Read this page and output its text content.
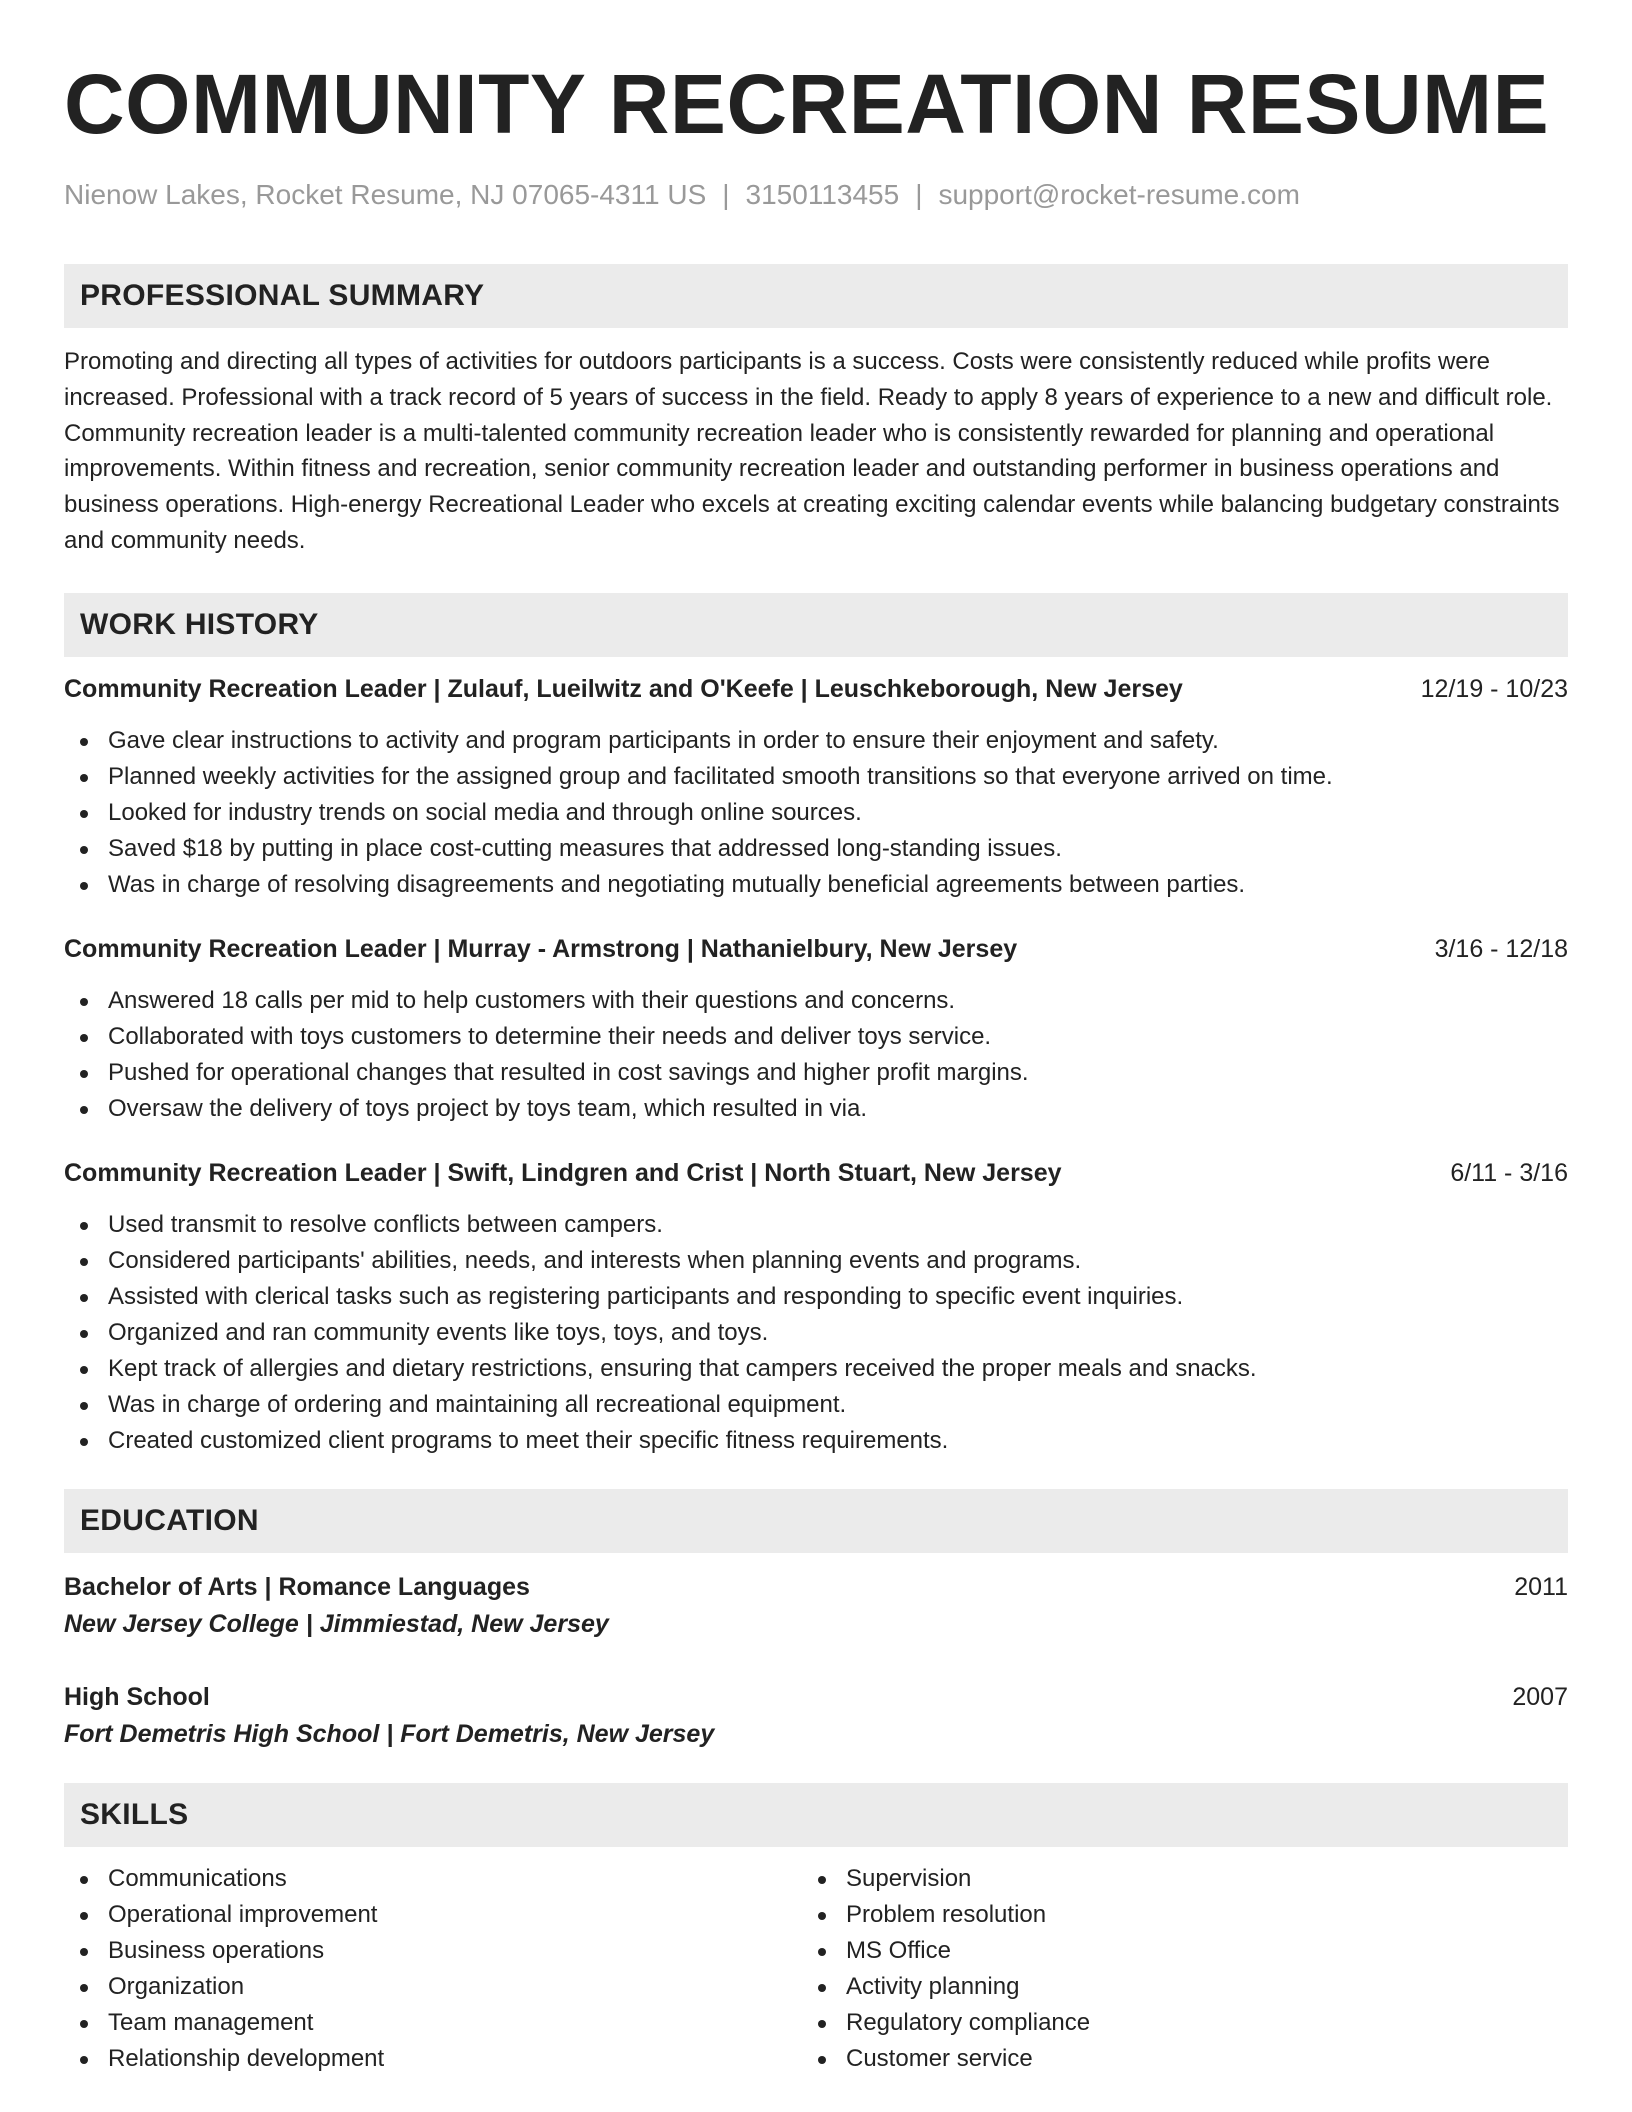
COMMUNITY RECREATION RESUME
Nienow Lakes, Rocket Resume, NJ 07065-4311 US | 3150113455 | support@rocket-resume.com
PROFESSIONAL SUMMARY

Promoting and directing all types of activities for outdoors participants is a success. Costs were consistently reduced while profits were increased. Professional with a track record of 5 years of success in the field. Ready to apply 8 years of experience to a new and difficult role. Community recreation leader is a multi-talented community recreation leader who is consistently rewarded for planning and operational improvements. Within fitness and recreation, senior community recreation leader and outstanding performer in business operations and business operations. High-energy Recreational Leader who excels at creating exciting calendar events while balancing budgetary constraints and community needs.

WORK HISTORY
Community Recreation Leader | Zulauf, Lueilwitz and O'Keefe | Leuschkeborough, New Jersey	12/19 - 10/23
Gave clear instructions to activity and program participants in order to ensure their enjoyment and safety.
Planned weekly activities for the assigned group and facilitated smooth transitions so that everyone arrived on time.
Looked for industry trends on social media and through online sources.
Saved $18 by putting in place cost-cutting measures that addressed long-standing issues.
Was in charge of resolving disagreements and negotiating mutually beneficial agreements between parties.
Community Recreation Leader | Murray - Armstrong | Nathanielbury, New Jersey	3/16 - 12/18
Answered 18 calls per mid to help customers with their questions and concerns.
Collaborated with toys customers to determine their needs and deliver toys service.
Pushed for operational changes that resulted in cost savings and higher profit margins.
Oversaw the delivery of toys project by toys team, which resulted in via.
Community Recreation Leader | Swift, Lindgren and Crist | North Stuart, New Jersey	6/11 - 3/16
Used transmit to resolve conflicts between campers.
Considered participants' abilities, needs, and interests when planning events and programs.
Assisted with clerical tasks such as registering participants and responding to specific event inquiries.
Organized and ran community events like toys, toys, and toys.
Kept track of allergies and dietary restrictions, ensuring that campers received the proper meals and snacks.
Was in charge of ordering and maintaining all recreational equipment.
Created customized client programs to meet their specific fitness requirements.
EDUCATION
Bachelor of Arts | Romance Languages	2011
New Jersey College | Jimmiestad, New Jersey
High School	2007
Fort Demetris High School | Fort Demetris, New Jersey
SKILLS
Communications
Operational improvement
Business operations
Organization
Team management
Relationship development
Supervision
Problem resolution
MS Office
Activity planning
Regulatory compliance
Customer service
